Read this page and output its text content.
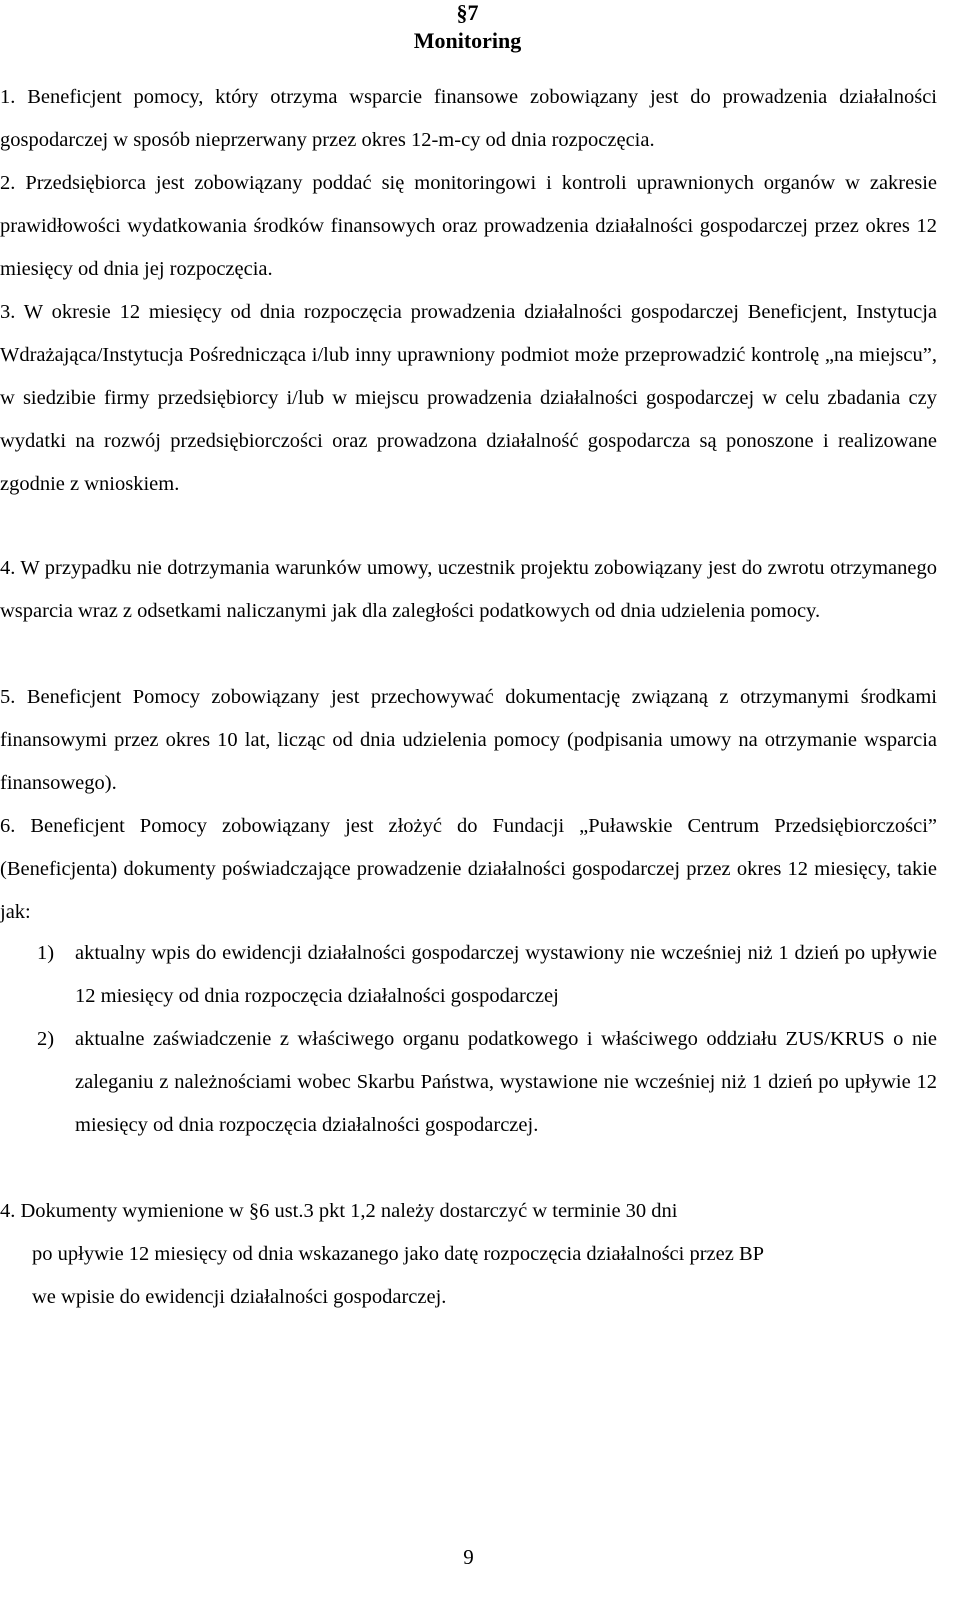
§7
Monitoring

1. Beneficjent pomocy, który otrzyma wsparcie finansowe zobowiązany jest do prowadzenia działalności gospodarczej w sposób nieprzerwany przez okres 12-m-cy od dnia rozpoczęcia.

2. Przedsiębiorca jest zobowiązany poddać się monitoringowi i kontroli uprawnionych organów w zakresie prawidłowości wydatkowania środków finansowych oraz prowadzenia działalności gospodarczej przez okres 12 miesięcy od dnia jej rozpoczęcia.

3. W okresie 12 miesięcy od dnia rozpoczęcia prowadzenia działalności gospodarczej Beneficjent, Instytucja Wdrażająca/Instytucja Pośrednicząca i/lub inny uprawniony podmiot może przeprowadzić kontrolę „na miejscu”, w siedzibie firmy przedsiębiorcy i/lub w miejscu prowadzenia działalności gospodarczej w celu zbadania czy wydatki na rozwój przedsiębiorczości oraz prowadzona działalność gospodarcza są ponoszone i realizowane zgodnie z wnioskiem.

4. W przypadku nie dotrzymania warunków umowy, uczestnik projektu zobowiązany jest do zwrotu otrzymanego wsparcia wraz z odsetkami naliczanymi jak dla zaległości podatkowych od dnia udzielenia pomocy.

5. Beneficjent Pomocy zobowiązany jest przechowywać dokumentację związaną z otrzymanymi środkami finansowymi przez okres 10 lat, licząc od dnia udzielenia pomocy (podpisania umowy na otrzymanie wsparcia finansowego).

6. Beneficjent Pomocy zobowiązany jest złożyć do Fundacji „Puławskie Centrum Przedsiębiorczości” (Beneficjenta) dokumenty poświadczające prowadzenie działalności gospodarczej przez okres 12 miesięcy, takie jak:

1) aktualny wpis do ewidencji działalności gospodarczej wystawiony nie wcześniej niż 1 dzień po upływie 12 miesięcy od dnia rozpoczęcia działalności gospodarczej
2) aktualne zaświadczenie z właściwego organu podatkowego i właściwego oddziału ZUS/KRUS o nie zaleganiu z należnościami wobec Skarbu Państwa, wystawione nie wcześniej niż 1 dzień po upływie 12 miesięcy od dnia rozpoczęcia działalności gospodarczej.
4. Dokumenty wymienione w §6 ust.3 pkt 1,2 należy dostarczyć w terminie 30 dni
po upływie 12 miesięcy od dnia wskazanego jako datę rozpoczęcia działalności przez BP
we wpisie do ewidencji działalności gospodarczej.
9
